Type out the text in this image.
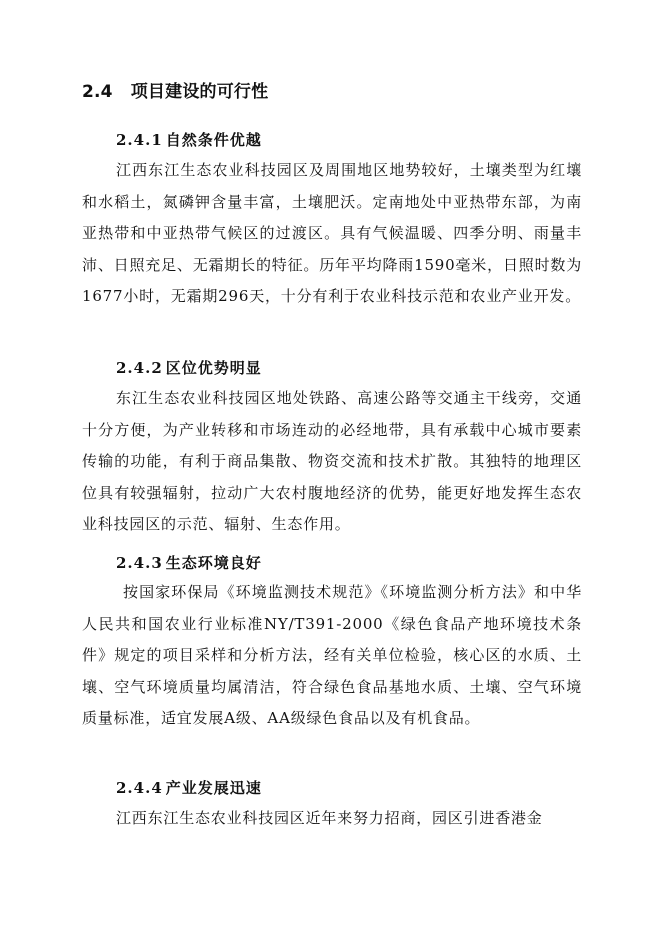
2.4 项目建设的可行性
2.4.1 自然条件优越
江西东江生态农业科技园区及周围地区地势较好，土壤类型为红壤和水稻土，氮磷钾含量丰富，土壤肥沃。定南地处中亚热带东部，为南亚热带和中亚热带气候区的过渡区。具有气候温暖、四季分明、雨量丰沛、日照充足、无霜期长的特征。历年平均降雨1590毫米，日照时数为1677小时，无霜期296天，十分有利于农业科技示范和农业产业开发。
2.4.2 区位优势明显
东江生态农业科技园区地处铁路、高速公路等交通主干线旁，交通十分方便，为产业转移和市场连动的必经地带，具有承载中心城市要素传输的功能，有利于商品集散、物资交流和技术扩散。其独特的地理区位具有较强辐射，拉动广大农村腹地经济的优势，能更好地发挥生态农业科技园区的示范、辐射、生态作用。
2.4.3 生态环境良好
按国家环保局《环境监测技术规范》《环境监测分析方法》和中华人民共和国农业行业标准NY/T391-2000《绿色食品产地环境技术条件》规定的项目采样和分析方法，经有关单位检验，核心区的水质、土壤、空气环境质量均属清洁，符合绿色食品基地水质、土壤、空气环境质量标准，适宜发展A级、AA级绿色食品以及有机食品。
2.4.4 产业发展迅速
江西东江生态农业科技园区近年来努力招商，园区引进香港金
